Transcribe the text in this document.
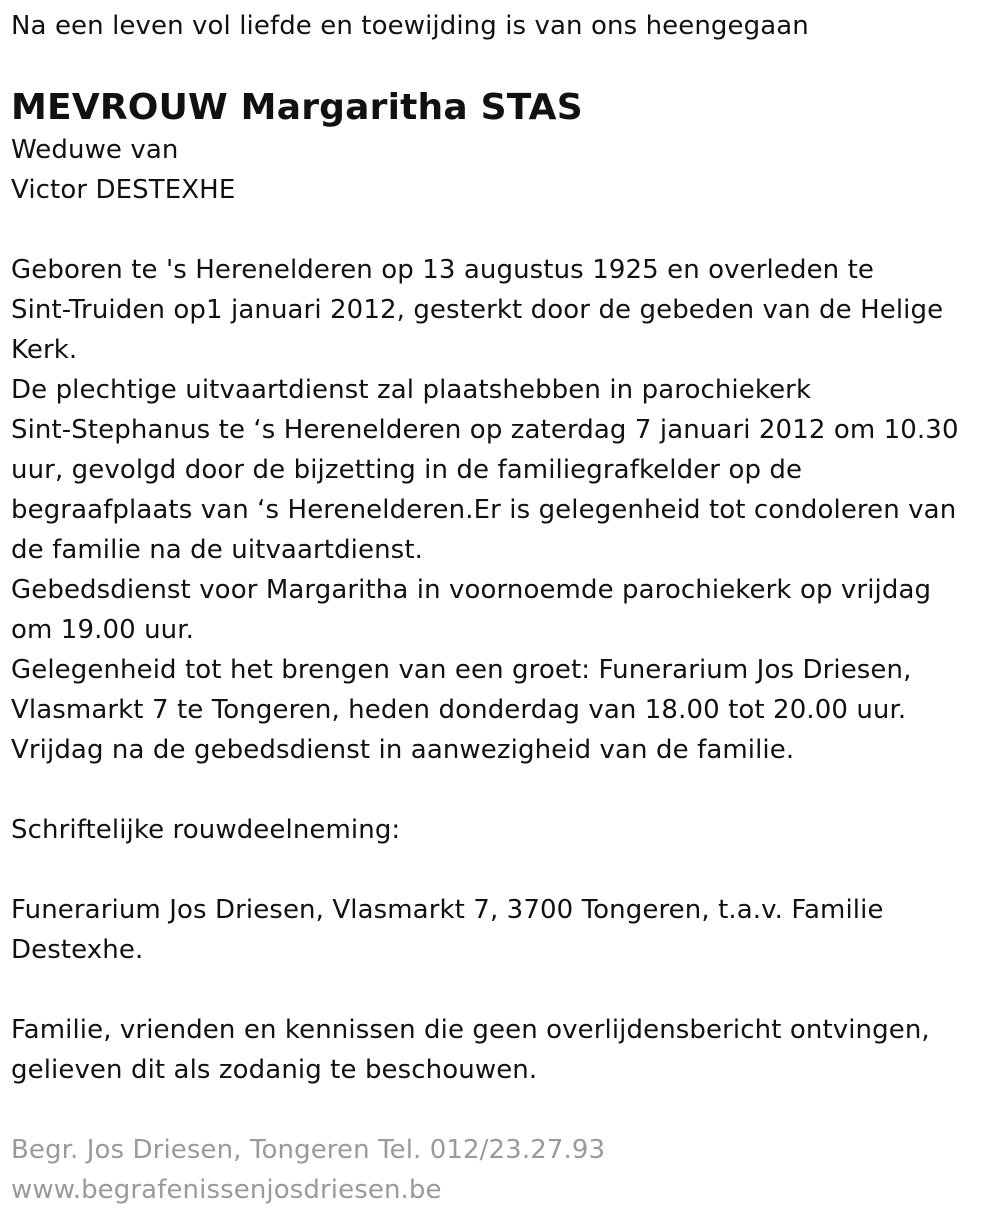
Na een leven vol liefde en toewijding is van ons heengegaan
MEVROUW Margaritha STAS
Weduwe van
Victor DESTEXHE
Geboren te 's Herenelderen op 13 augustus 1925 en overleden te
Sint-Truiden op1 januari 2012, gesterkt door de gebeden van de Helige
Kerk.
De plechtige uitvaartdienst zal plaatshebben in parochiekerk
Sint-Stephanus te ‘s Herenelderen op zaterdag 7 januari 2012 om 10.30
uur, gevolgd door de bijzetting in de familiegrafkelder op de
begraafplaats van ‘s Herenelderen.Er is gelegenheid tot condoleren van
de familie na de uitvaartdienst.
Gebedsdienst voor Margaritha in voornoemde parochiekerk op vrijdag
om 19.00 uur.
Gelegenheid tot het brengen van een groet: Funerarium Jos Driesen,
Vlasmarkt 7 te Tongeren, heden donderdag van 18.00 tot 20.00 uur.
Vrijdag na de gebedsdienst in aanwezigheid van de familie.
Schriftelijke rouwdeelneming:
Funerarium Jos Driesen, Vlasmarkt 7, 3700 Tongeren, t.a.v. Familie
Destexhe.
Familie, vrienden en kennissen die geen overlijdensbericht ontvingen,
gelieven dit als zodanig te beschouwen.
Begr. Jos Driesen, Tongeren Tel. 012/23.27.93
www.begrafenissenjosdriesen.be
